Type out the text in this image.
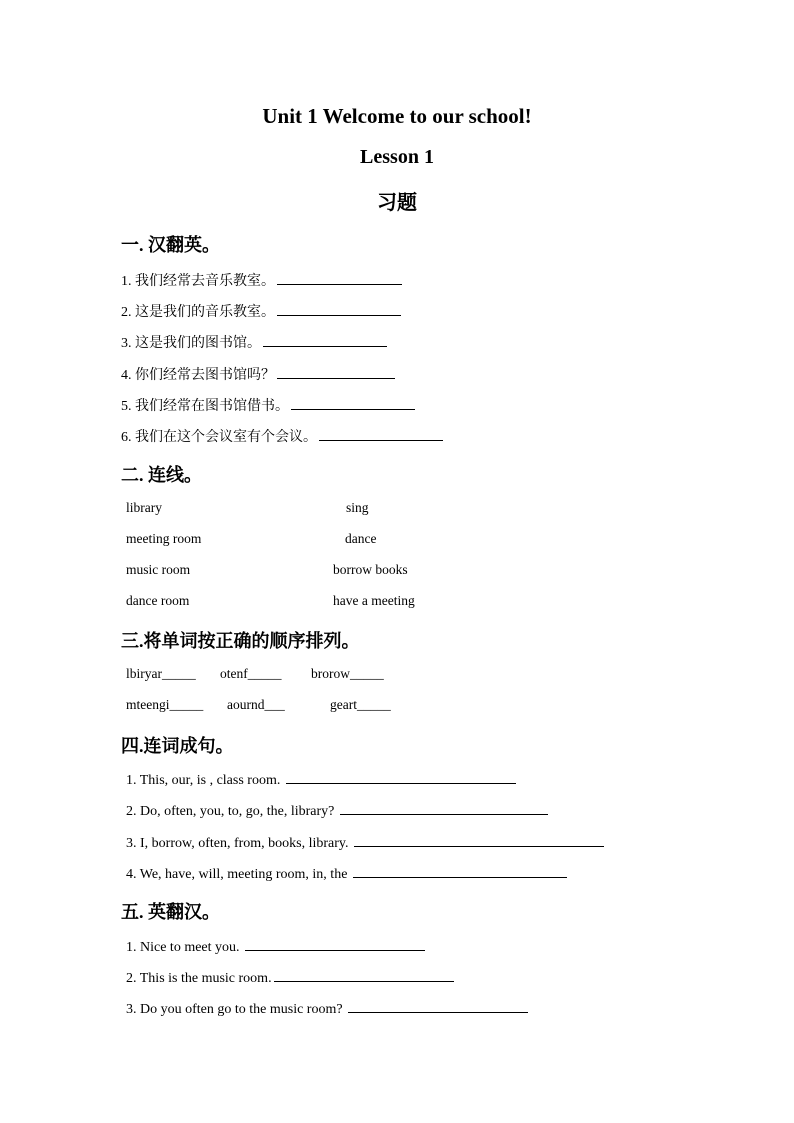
Unit 1 Welcome to our school!
Lesson 1
习题
一. 汉翻英。
1. 我们经常去音乐教室。
2. 这是我们的音乐教室。
3. 这是我们的图书馆。
4. 你们经常去图书馆吗？
5. 我们经常在图书馆借书。
6. 我们在这个会议室有个会议。
二. 连线。
library
meeting room
music room
dance room
sing
dance
borrow books
have a meeting
三.将单词按正确的顺序排列。
lbiryar_____ otenf_____ brorow_____
mteengi_____ aournd___	geart_____
四.连词成句。
1. This, our, is , class room.
2. Do, often, you, to, go, the, library?
3. I, borrow, often, from, books, library.
4. We, have, will, meeting room, in, the
五. 英翻汉。
1. Nice to meet you.
2. This is the music room.
3. Do you often go to the music room?
